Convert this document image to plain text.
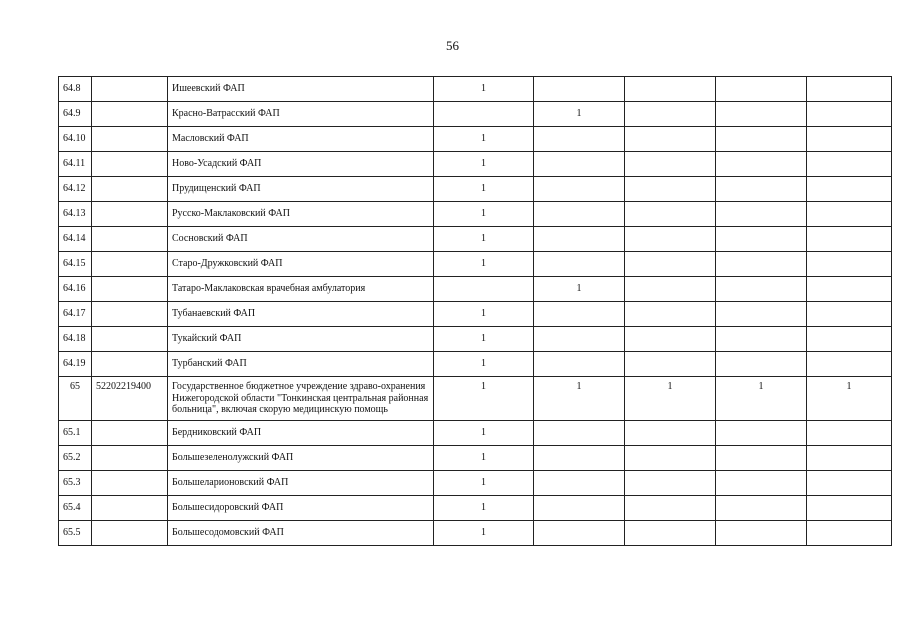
56
64.8		Ишеевский ФАП	1				
64.9		Красно-Ватрасский ФАП		1			
64.10		Масловский ФАП	1				
64.11		Ново-Усадский ФАП	1				
64.12		Прудищенский ФАП	1				
64.13		Русско-Маклаковский ФАП	1				
64.14		Сосновский ФАП	1				
64.15		Старо-Дружковский ФАП	1				
64.16		Татаро-Маклаковская врачебная амбулатория		1			
64.17		Тубанаевский ФАП	1				
64.18		Тукайский ФАП	1				
64.19		Турбанский ФАП	1				
65	52202219400	Государственное бюджетное учреждение здраво-охранения Нижегородской области "Тонкинская центральная районная больница", включая скорую медицинскую помощь	1	1	1	1	1
65.1		Бердниковский ФАП	1				
65.2		Большезеленолужский ФАП	1				
65.3		Большеларионовский ФАП	1				
65.4		Большесидоровский ФАП	1				
65.5		Большесодомовский ФАП	1				
